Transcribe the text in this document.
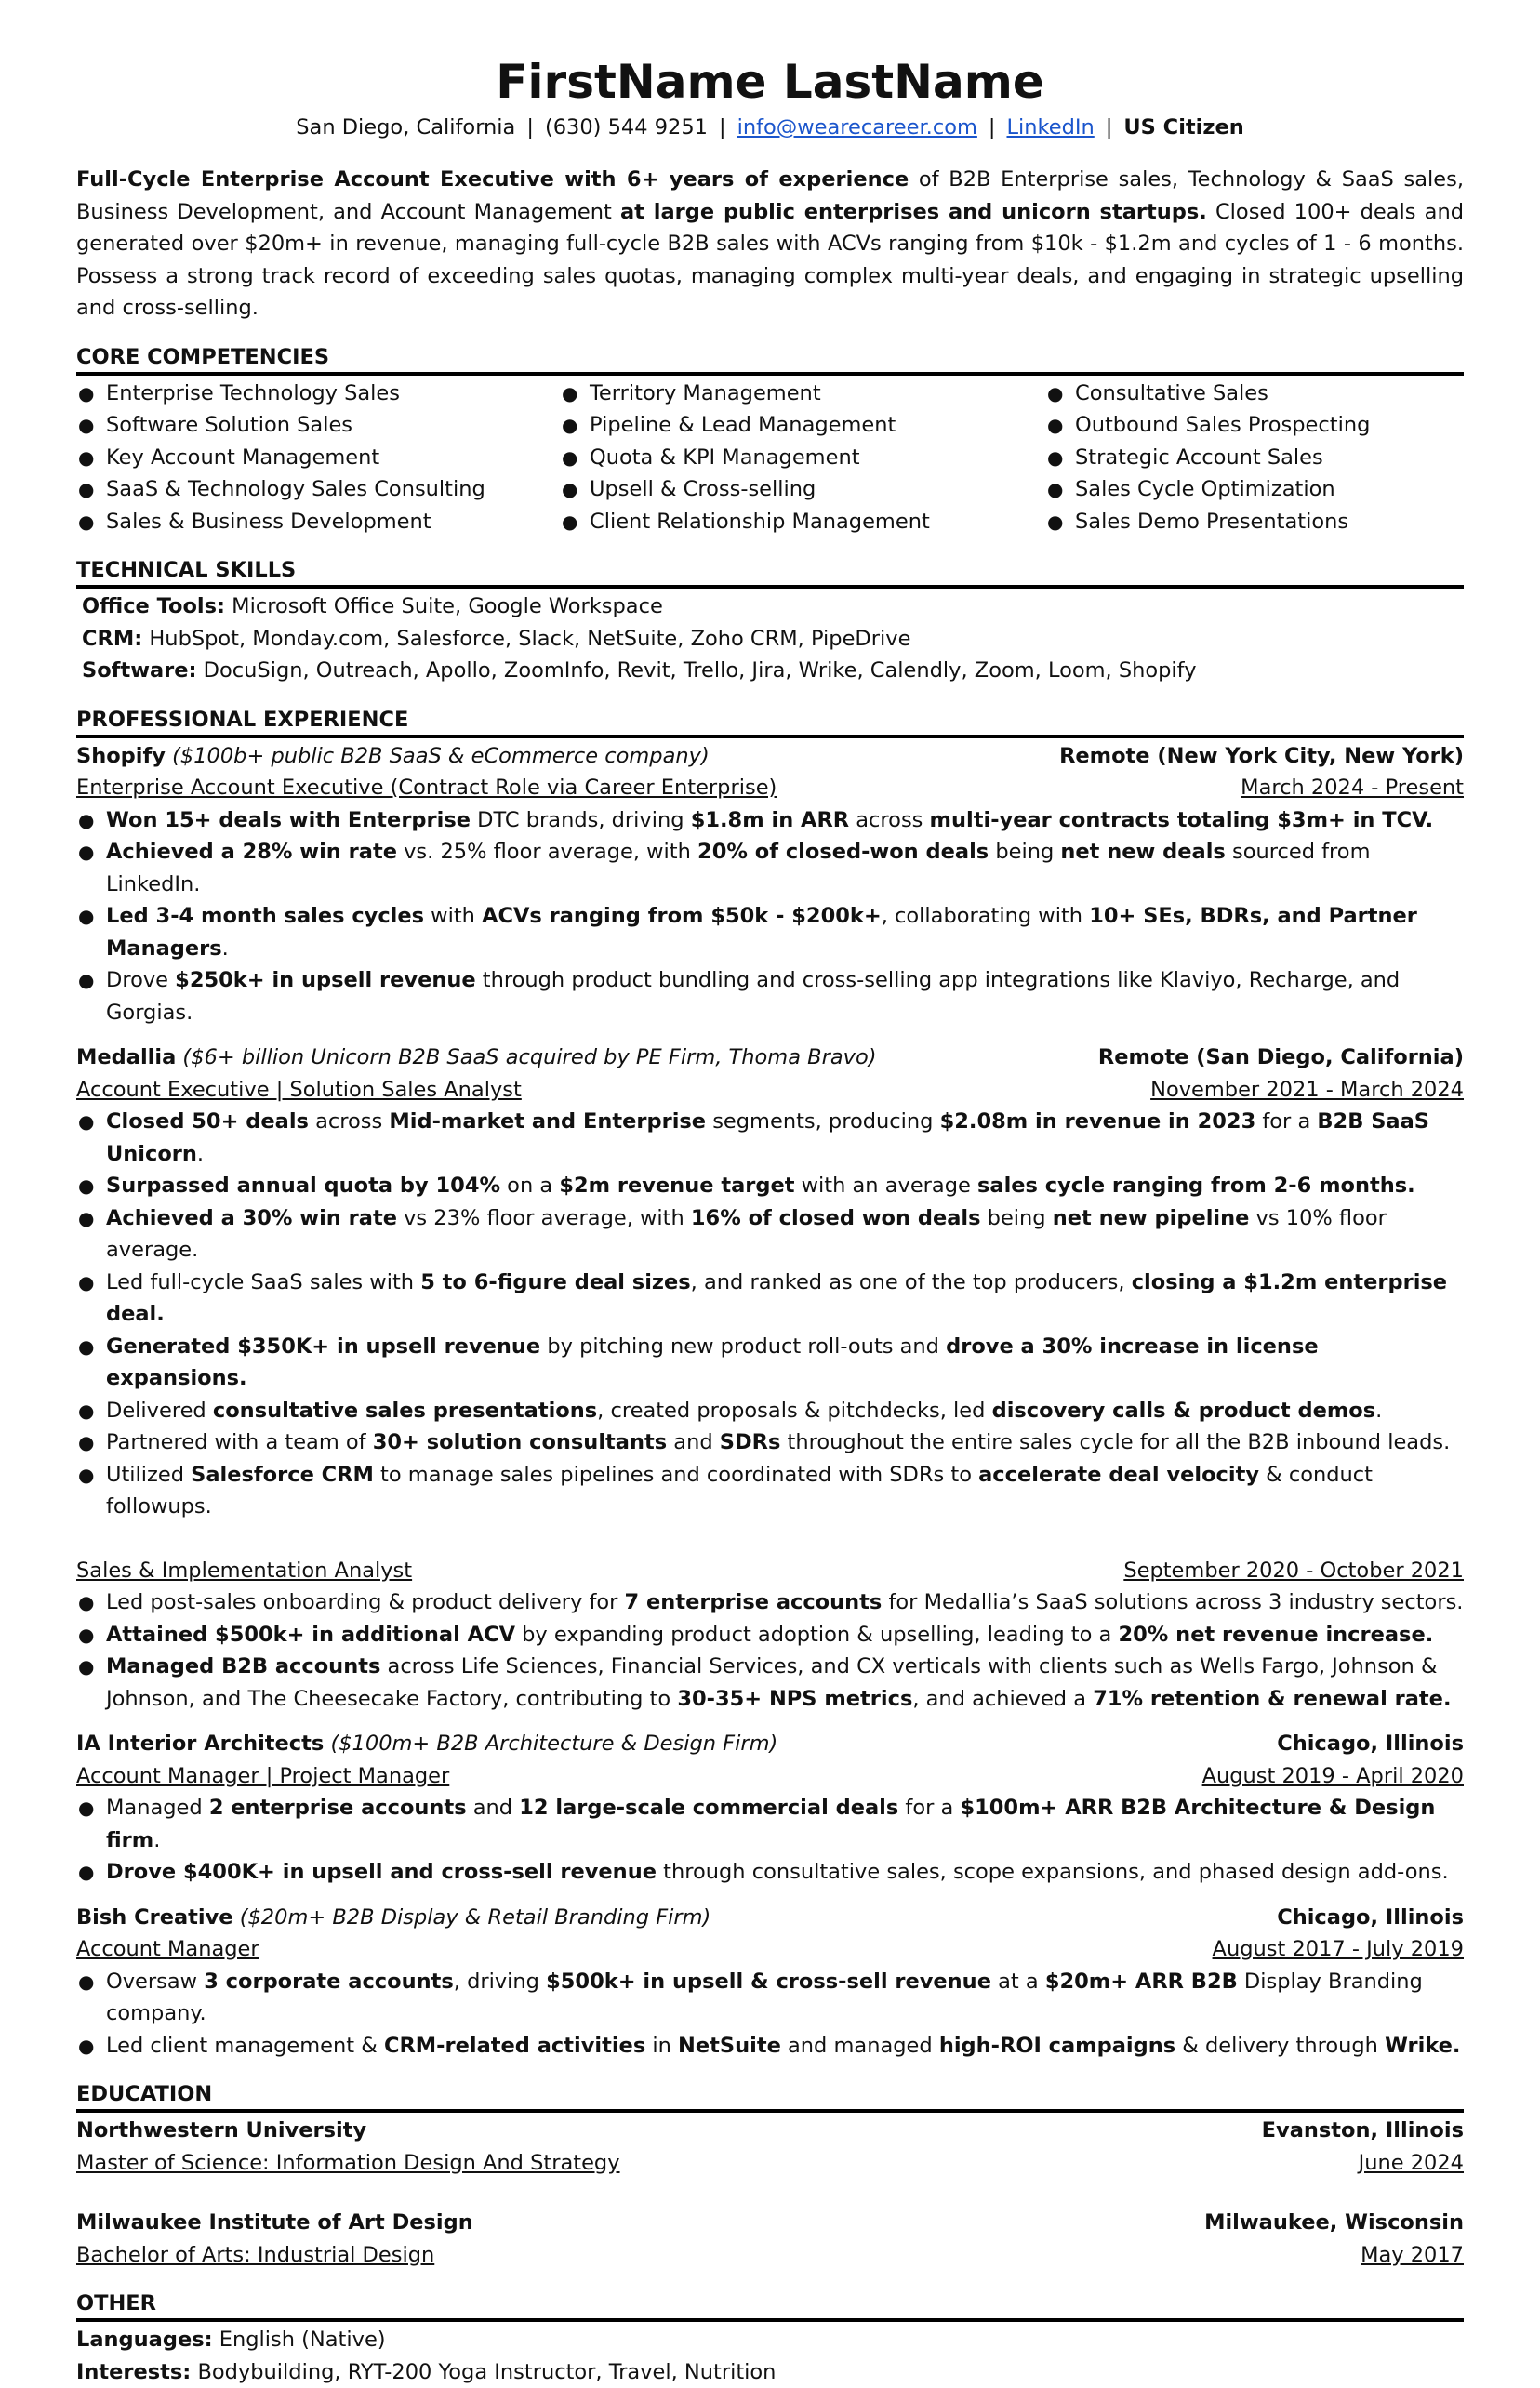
FirstName LastName
San Diego, California | (630) 544 9251 | info@wearecareer.com | LinkedIn | US Citizen
Full-Cycle Enterprise Account Executive with 6+ years of experience of B2B Enterprise sales, Technology & SaaS sales, Business Development, and Account Management at large public enterprises and unicorn startups. Closed 100+ deals and generated over $20m+ in revenue, managing full-cycle B2B sales with ACVs ranging from $10k - $1.2m and cycles of 1 - 6 months. Possess a strong track record of exceeding sales quotas, managing complex multi-year deals, and engaging in strategic upselling and cross-selling.
CORE COMPETENCIES
● Enterprise Technology Sales
● Software Solution Sales
● Key Account Management
● SaaS & Technology Sales Consulting
● Sales & Business Development
● Territory Management
● Pipeline & Lead Management
● Quota & KPI Management
● Upsell & Cross-selling
● Client Relationship Management
● Consultative Sales
● Outbound Sales Prospecting
● Strategic Account Sales
● Sales Cycle Optimization
● Sales Demo Presentations
TECHNICAL SKILLS
Office Tools: Microsoft Office Suite, Google Workspace
CRM: HubSpot, Monday.com, Salesforce, Slack, NetSuite, Zoho CRM, PipeDrive
Software: DocuSign, Outreach, Apollo, ZoomInfo, Revit, Trello, Jira, Wrike, Calendly, Zoom, Loom, Shopify
PROFESSIONAL EXPERIENCE
Shopify ($100b+ public B2B SaaS & eCommerce company)	Remote (New York City, New York)
Enterprise Account Executive (Contract Role via Career Enterprise)	March 2024 - Present
● Won 15+ deals with Enterprise DTC brands, driving $1.8m in ARR across multi-year contracts totaling $3m+ in TCV.
● Achieved a 28% win rate vs. 25% floor average, with 20% of closed-won deals being net new deals sourced from LinkedIn.
● Led 3-4 month sales cycles with ACVs ranging from $50k - $200k+, collaborating with 10+ SEs, BDRs, and Partner Managers.
● Drove $250k+ in upsell revenue through product bundling and cross-selling app integrations like Klaviyo, Recharge, and Gorgias.
Medallia ($6+ billion Unicorn B2B SaaS acquired by PE Firm, Thoma Bravo)	Remote (San Diego, California)
Account Executive | Solution Sales Analyst	November 2021 - March 2024
● Closed 50+ deals across Mid-market and Enterprise segments, producing $2.08m in revenue in 2023 for a B2B SaaS Unicorn.
● Surpassed annual quota by 104% on a $2m revenue target with an average sales cycle ranging from 2-6 months.
● Achieved a 30% win rate vs 23% floor average, with 16% of closed won deals being net new pipeline vs 10% floor average.
● Led full-cycle SaaS sales with 5 to 6-figure deal sizes, and ranked as one of the top producers, closing a $1.2m enterprise deal.
● Generated $350K+ in upsell revenue by pitching new product roll-outs and drove a 30% increase in license expansions.
● Delivered consultative sales presentations, created proposals & pitchdecks, led discovery calls & product demos.
● Partnered with a team of 30+ solution consultants and SDRs throughout the entire sales cycle for all the B2B inbound leads.
● Utilized Salesforce CRM to manage sales pipelines and coordinated with SDRs to accelerate deal velocity & conduct followups.
Sales & Implementation Analyst	September 2020 - October 2021
● Led post-sales onboarding & product delivery for 7 enterprise accounts for Medallia’s SaaS solutions across 3 industry sectors.
● Attained $500k+ in additional ACV by expanding product adoption & upselling, leading to a 20% net revenue increase.
● Managed B2B accounts across Life Sciences, Financial Services, and CX verticals with clients such as Wells Fargo, Johnson & Johnson, and The Cheesecake Factory, contributing to 30-35+ NPS metrics, and achieved a 71% retention & renewal rate.
IA Interior Architects ($100m+ B2B Architecture & Design Firm)	Chicago, Illinois
Account Manager | Project Manager	August 2019 - April 2020
● Managed 2 enterprise accounts and 12 large-scale commercial deals for a $100m+ ARR B2B Architecture & Design firm.
● Drove $400K+ in upsell and cross-sell revenue through consultative sales, scope expansions, and phased design add-ons.
Bish Creative ($20m+ B2B Display & Retail Branding Firm)	Chicago, Illinois
Account Manager	August 2017 - July 2019
● Oversaw 3 corporate accounts, driving $500k+ in upsell & cross-sell revenue at a $20m+ ARR B2B Display Branding company.
● Led client management & CRM-related activities in NetSuite and managed high-ROI campaigns & delivery through Wrike.
EDUCATION
Northwestern University	Evanston, Illinois
Master of Science: Information Design And Strategy	June 2024
Milwaukee Institute of Art Design	Milwaukee, Wisconsin
Bachelor of Arts: Industrial Design	May 2017
OTHER
Languages: English (Native)
Interests: Bodybuilding, RYT-200 Yoga Instructor, Travel, Nutrition
